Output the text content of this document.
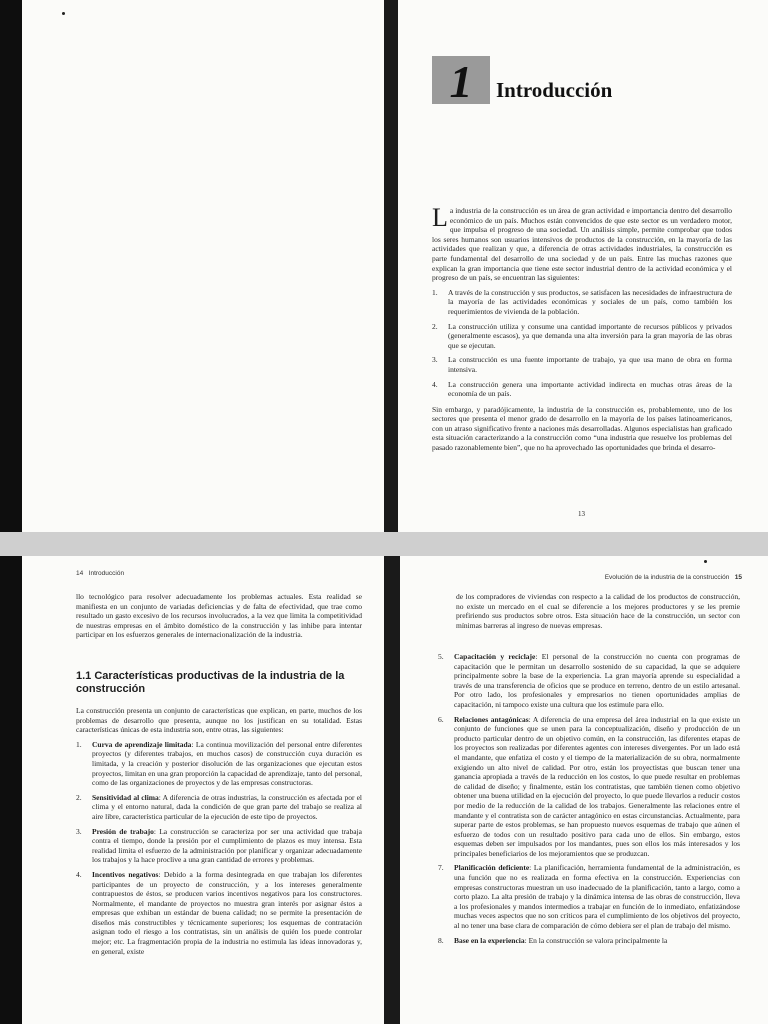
1 Introducción

La industria de la construcción es un área de gran actividad e importancia dentro del desarrollo económico de un país. Muchos están convencidos de que este sector es un verdadero motor, que impulsa el progreso de una sociedad. Un análisis simple, permite comprobar que todos los seres humanos son usuarios intensivos de productos de la construcción, en la mayoría de las actividades que realizan y que, a diferencia de otras actividades industriales, la construcción es parte fundamental del desarrollo de una sociedad y de un país. Entre las muchas razones que explican la gran importancia que tiene este sector industrial dentro de la actividad económica y el progreso de un país, se encuentran las siguientes:

1. A través de la construcción y sus productos, se satisfacen las necesidades de infraestructura de la mayoría de las actividades económicas y sociales de un país, como también los requerimientos de vivienda de la población.
2. La construcción utiliza y consume una cantidad importante de recursos públicos y privados (generalmente escasos), ya que demanda una alta inversión para la gran mayoría de las obras que se ejecutan.
3. La construcción es una fuente importante de trabajo, ya que usa mano de obra en forma intensiva.
4. La construcción genera una importante actividad indirecta en muchas otras áreas de la economía de un país.

Sin embargo, y paradójicamente, la industria de la construcción es, probablemente, uno de los sectores que presenta el menor grado de desarrollo en la mayoría de los países latinoamericanos, con un atraso significativo frente a naciones más desarrolladas. Algunos especialistas han graficado esta situación caracterizando a la construcción como “una industria que resuelve los problemas del pasado razonablemente bien”, que no ha aprovechado las oportunidades que brinda el desarro-

13
14 Introducción
llo tecnológico para resolver adecuadamente los problemas actuales. Esta realidad se manifiesta en un conjunto de variadas deficiencias y de falta de efectividad, que trae como resultado un gasto excesivo de los recursos involucrados, a la vez que limita la competitividad de nuestras empresas en el ámbito doméstico de la construcción y las inhibe para intentar participar en los esfuerzos generales de internacionalización de la industria.
1.1 Características productivas de la industria de la construcción

La construcción presenta un conjunto de características que explican, en parte, muchos de los problemas de desarrollo que presenta, aunque no los justifican en su totalidad. Estas características únicas de esta industria son, entre otras, las siguientes:

1. Curva de aprendizaje limitada: La continua movilización del personal entre diferentes proyectos (y diferentes trabajos, en muchos casos) de construcción cuya duración es limitada, y la creación y posterior disolución de las organizaciones que ejecutan estos proyectos, limitan en una gran proporción la capacidad de aprendizaje, tanto del personal, como de las organizaciones de proyectos y de las empresas constructoras.
2. Sensitividad al clima: A diferencia de otras industrias, la construcción es afectada por el clima y el entorno natural, dada la condición de que gran parte del trabajo se realiza al aire libre, característica particular de la ejecución de este tipo de proyectos.
3. Presión de trabajo: La construcción se caracteriza por ser una actividad que trabaja contra el tiempo, donde la presión por el cumplimiento de plazos es muy intensa. Esta realidad limita el esfuerzo de la administración por planificar y organizar adecuadamente los trabajos y la hace proclive a una gran cantidad de errores y problemas.
4. Incentivos negativos: Debido a la forma desintegrada en que trabajan los diferentes participantes de un proyecto de construcción, y a los intereses generalmente contrapuestos de éstos, se producen varios incentivos negativos para los constructores. Normalmente, el mandante de proyectos no muestra gran interés por asignar éstos a empresas que exhiban un estándar de buena calidad; no se permite la presentación de diseños más constructibles y técnicamente superiores; los esquemas de contratación asignan todo el riesgo a los contratistas, sin un análisis de quién los puede controlar mejor; etc. La fragmentación propia de la industria no estimula las ideas innovadoras y, en general, existe
Evolución de la industria de la construcción 15
de los compradores de viviendas con respecto a la calidad de los productos de construcción, no existe un mercado en el cual se diferencie a los mejores productores y se les premie prefiriendo sus productos sobre otros. Esta situación hace de la construcción, un sector con mínimas barreras al ingreso de nuevas empresas.
5. Capacitación y reciclaje: El personal de la construcción no cuenta con programas de capacitación que le permitan un desarrollo sostenido de su capacidad, la que se adquiere principalmente sobre la base de la experiencia. La gran mayoría aprende su especialidad a través de una transferencia de oficios que se produce en terreno, dentro de un estilo artesanal. Por otro lado, los profesionales y empresarios no tienen oportunidades amplias de capacitación, ni tampoco existe una cultura que los estimule para ello.
6. Relaciones antagónicas: A diferencia de una empresa del área industrial en la que existe un conjunto de funciones que se unen para la conceptualización, diseño y producción de un producto particular dentro de un objetivo común, en la construcción, las diferentes etapas de los proyectos son realizadas por diferentes agentes con intereses divergentes. Por un lado está el mandante, que enfatiza el costo y el tiempo de la materialización de su obra, normalmente exigiendo un alto nivel de calidad. Por otro, están los proyectistas que buscan tener una ganancia apropiada a través de la reducción en los costos, lo que puede resultar en problemas de calidad de diseño; y finalmente, están los contratistas, que también tienen como objetivo obtener una buena utilidad en la ejecución del proyecto, lo que puede llevarlos a reducir costos por medio de la reducción de la calidad de los trabajos. Generalmente las relaciones entre el mandante y el contratista son de carácter antagónico en estas circunstancias. Actualmente, para superar parte de estos problemas, se han propuesto nuevos esquemas de trabajo que aúnen el esfuerzo de todos con un resultado positivo para cada uno de ellos. Sin embargo, estos esquemas deben ser impulsados por los mandantes, pues son ellos los más interesados y los principales beneficiarios de los mejoramientos que se produzcan.
7. Planificación deficiente: La planificación, herramienta fundamental de la administración, es una función que no es realizada en forma efectiva en la construcción. Experiencias con empresas constructoras muestran un uso inadecuado de la planificación, tanto a largo, como a corto plazo. La alta presión de trabajo y la dinámica intensa de las obras de construcción, lleva a los profesionales y mandos intermedios a trabajar en función de lo inmediato, enfatizándose muchas veces aspectos que no son críticos para el cumplimiento de los objetivos del proyecto, al no tener una base clara de comparación de cómo debiera ser el plan de trabajo del mismo.
8. Base en la experiencia: En la construcción se valora principalmente la
